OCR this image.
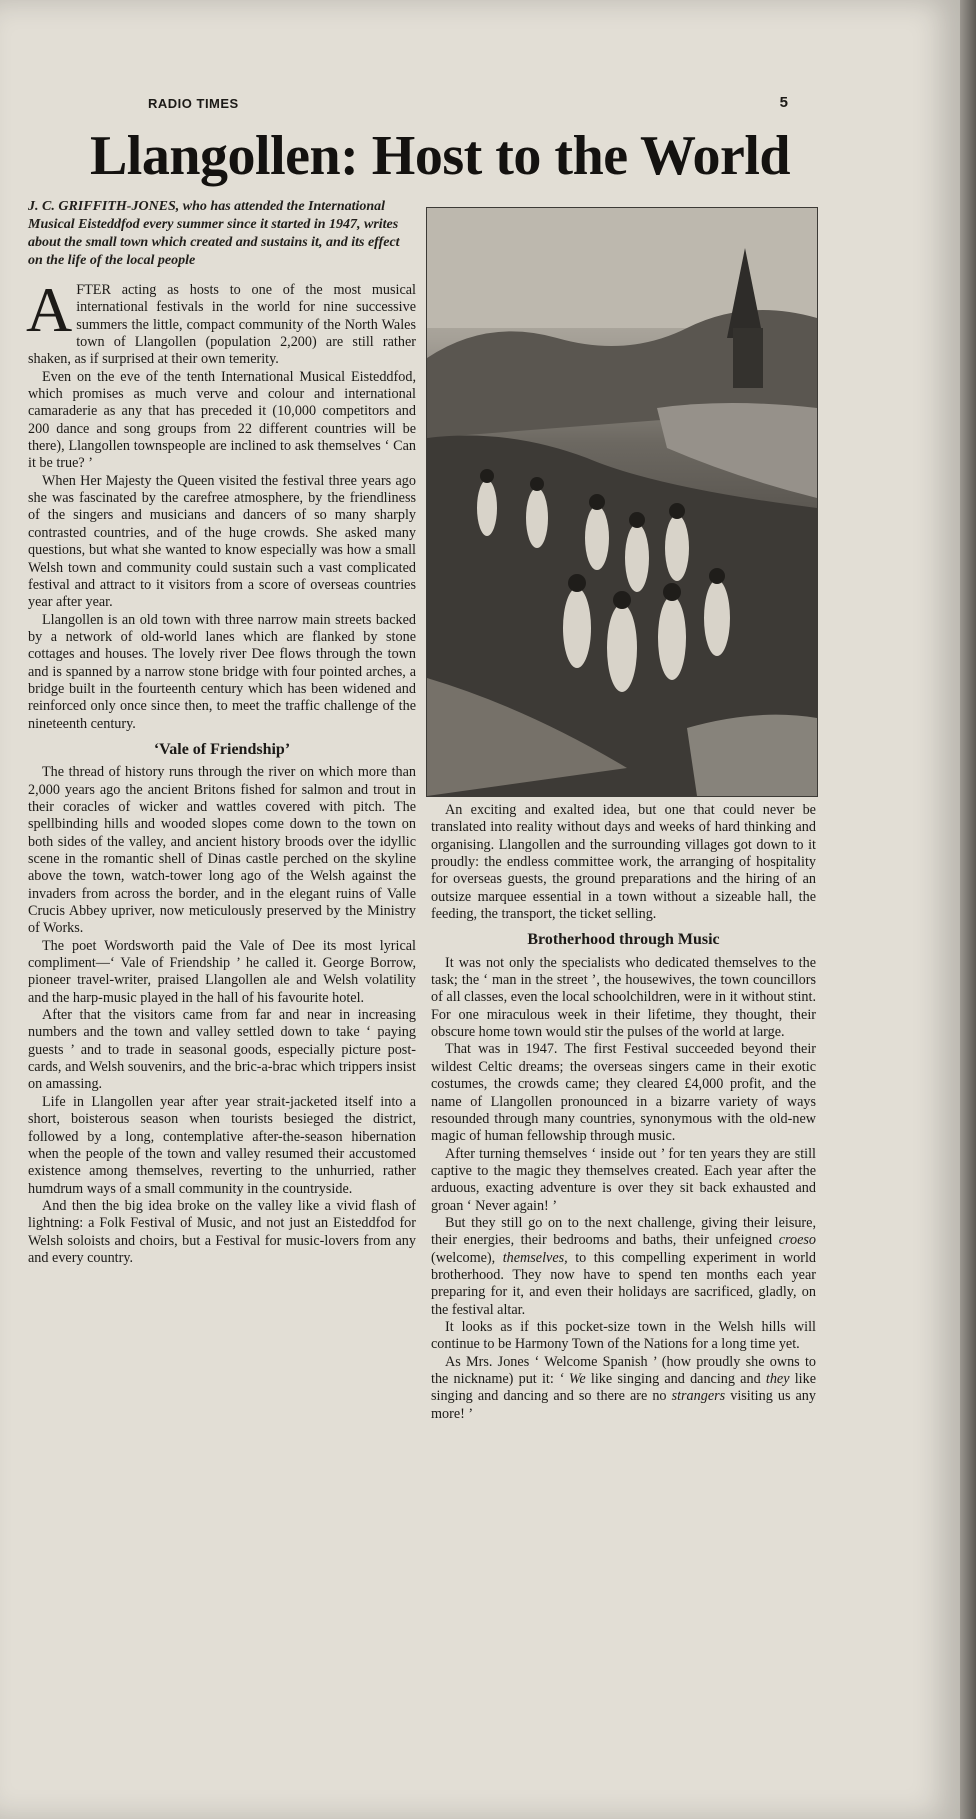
RADIO TIMES	5
Llangollen: Host to the World
J. C. GRIFFITH-JONES, who has attended the International Musical Eisteddfod every summer since it started in 1947, writes about the small town which created and sustains it, and its effect on the life of the local people

AFTER acting as hosts to one of the most musical international festivals in the world for nine successive summers the little, compact community of the North Wales town of Llangollen (population 2,200) are still rather shaken, as if surprised at their own temerity.

Even on the eve of the tenth International Musical Eisteddfod, which promises as much verve and colour and international camaraderie as any that has preceded it (10,000 competitors and 200 dance and song groups from 22 different countries will be there), Llangollen townspeople are inclined to ask themselves ‘ Can it be true? ’

When Her Majesty the Queen visited the festival three years ago she was fascinated by the carefree atmosphere, by the friendliness of the singers and musicians and dancers of so many sharply contrasted countries, and of the huge crowds. She asked many questions, but what she wanted to know especially was how a small Welsh town and community could sustain such a vast complicated festival and attract to it visitors from a score of overseas countries year after year.

Llangollen is an old town with three narrow main streets backed by a network of old-world lanes which are flanked by stone cottages and houses. The lovely river Dee flows through the town and is spanned by a narrow stone bridge with four pointed arches, a bridge built in the fourteenth century which has been widened and reinforced only once since then, to meet the traffic challenge of the nineteenth century.

‘Vale of Friendship’

The thread of history runs through the river on which more than 2,000 years ago the ancient Britons fished for salmon and trout in their coracles of wicker and wattles covered with pitch. The spellbinding hills and wooded slopes come down to the town on both sides of the valley, and ancient history broods over the idyllic scene in the romantic shell of Dinas castle perched on the skyline above the town, watch-tower long ago of the Welsh against the invaders from across the border, and in the elegant ruins of Valle Crucis Abbey upriver, now meticulously preserved by the Ministry of Works.

The poet Wordsworth paid the Vale of Dee its most lyrical compliment—‘ Vale of Friendship ’ he called it. George Borrow, pioneer travel-writer, praised Llangollen ale and Welsh volatility and the harp-music played in the hall of his favourite hotel.

After that the visitors came from far and near in increasing numbers and the town and valley settled down to take ‘ paying guests ’ and to trade in seasonal goods, especially picture post-cards, and Welsh souvenirs, and the bric-a-brac which trippers insist on amassing.

Life in Llangollen year after year strait-jacketed itself into a short, boisterous season when tourists besieged the district, followed by a long, contemplative after-the-season hibernation when the people of the town and valley resumed their accustomed existence among themselves, reverting to the unhurried, rather humdrum ways of a small community in the countryside.

And then the big idea broke on the valley like a vivid flash of lightning: a Folk Festival of Music, and not just an Eisteddfod for Welsh soloists and choirs, but a Festival for music-lovers from any and every country.

An exciting and exalted idea, but one that could never be translated into reality without days and weeks of hard thinking and organising. Llangollen and the surrounding villages got down to it proudly: the endless committee work, the arranging of hospitality for overseas guests, the ground preparations and the hiring of an outsize marquee essential in a town without a sizeable hall, the feeding, the transport, the ticket selling.

Brotherhood through Music

It was not only the specialists who dedicated themselves to the task; the ‘ man in the street ’, the housewives, the town councillors of all classes, even the local schoolchildren, were in it without stint. For one miraculous week in their lifetime, they thought, their obscure home town would stir the pulses of the world at large.

That was in 1947. The first Festival succeeded beyond their wildest Celtic dreams; the overseas singers came in their exotic costumes, the crowds came; they cleared £4,000 profit, and the name of Llangollen pronounced in a bizarre variety of ways resounded through many countries, synonymous with the old-new magic of human fellowship through music.

After turning themselves ‘ inside out ’ for ten years they are still captive to the magic they themselves created. Each year after the arduous, exacting adventure is over they sit back exhausted and groan ‘ Never again! ’

But they still go on to the next challenge, giving their leisure, their energies, their bedrooms and baths, their unfeigned croeso (welcome), themselves, to this compelling experiment in world brotherhood. They now have to spend ten months each year preparing for it, and even their holidays are sacrificed, gladly, on the festival altar.

It looks as if this pocket-size town in the Welsh hills will continue to be Harmony Town of the Nations for a long time yet.

As Mrs. Jones ‘ Welcome Spanish ’ (how proudly she owns to the nickname) put it: ‘ We like singing and dancing and they like singing and dancing and so there are no strangers visiting us any more! ’
